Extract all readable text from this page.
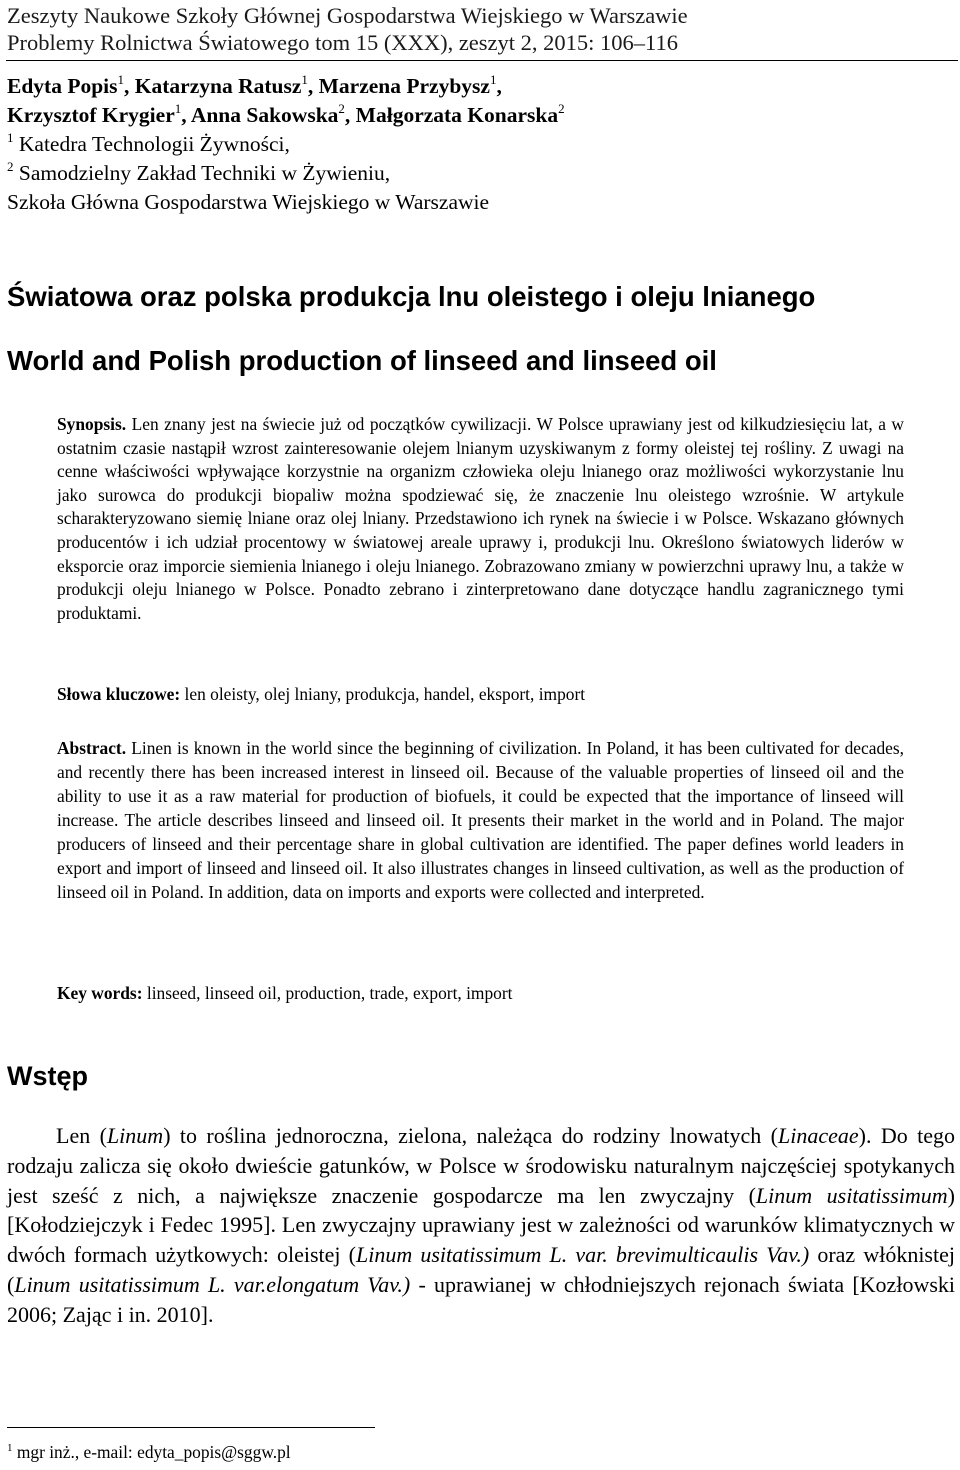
Zeszyty Naukowe Szkoły Głównej Gospodarstwa Wiejskiego w Warszawie
Problemy Rolnictwa Światowego tom 15 (XXX), zeszyt 2, 2015: 106–116
Edyta Popis$^1$, Katarzyna Ratusz$^1$, Marzena Przybysz$^1$,
Krzysztof Krygier$^1$, Anna Sakowska$^2$, Małgorzata Konarska$^2$
$^1$ Katedra Technologii Żywności,
$^2$ Samodzielny Zakład Techniki w Żywieniu,
Szkoła Główna Gospodarstwa Wiejskiego w Warszawie
Światowa oraz polska produkcja lnu oleistego i oleju lnianego
World and Polish production of linseed and linseed oil
Synopsis. Len znany jest na świecie już od początków cywilizacji. W Polsce uprawiany jest od kilkudziesięciu lat, a w ostatnim czasie nastąpił wzrost zainteresowanie olejem lnianym uzyskiwanym z formy oleistej tej rośliny. Z uwagi na cenne właściwości wpływające korzystnie na organizm człowieka oleju lnianego oraz możliwości wykorzystanie lnu jako surowca do produkcji biopaliw można spodziewać się, że znaczenie lnu oleistego wzrośnie. W artykule scharakteryzowano siemię lniane oraz olej lniany. Przedstawiono ich rynek na świecie i w Polsce. Wskazano głównych producentów i ich udział procentowy w światowej areale uprawy i, produkcji lnu. Określono światowych liderów w eksporcie oraz imporcie siemienia lnianego i oleju lnianego. Zobrazowano zmiany w powierzchni uprawy lnu, a także w produkcji oleju lnianego w Polsce. Ponadto zebrano i zinterpretowano dane dotyczące handlu zagranicznego tymi produktami.
Słowa kluczowe: len oleisty, olej lniany, produkcja, handel, eksport, import
Abstract. Linen is known in the world since the beginning of civilization. In Poland, it has been cultivated for decades, and recently there has been increased interest in linseed oil. Because of the valuable properties of linseed oil and the ability to use it as a raw material for production of biofuels, it could be expected that the importance of linseed will increase. The article describes linseed and linseed oil. It presents their market in the world and in Poland. The major producers of linseed and their percentage share in global cultivation are identified. The paper defines world leaders in export and import of linseed and linseed oil. It also illustrates changes in linseed cultivation, as well as the production of linseed oil in Poland. In addition, data on imports and exports were collected and interpreted.
Key words: linseed, linseed oil, production, trade, export, import
Wstęp
Len (Linum) to roślina jednoroczna, zielona, należąca do rodziny lnowatych (Linaceae). Do tego rodzaju zalicza się około dwieście gatunków, w Polsce w środowisku naturalnym najczęściej spotykanych jest sześć z nich, a największe znaczenie gospodarcze ma len zwyczajny (Linum usitatissimum) [Kołodziejczyk i Fedec 1995]. Len zwyczajny uprawiany jest w zależności od warunków klimatycznych w dwóch formach użytkowych: oleistej (Linum usitatissimum L. var. brevimulticaulis Vav.) oraz włóknistej (Linum usitatissimum L. var.elongatum Vav.) - uprawianej w chłodniejszych rejonach świata [Kozłowski 2006; Zając i in. 2010].
$^1$ mgr inż., e-mail: edyta_popis@sggw.pl
